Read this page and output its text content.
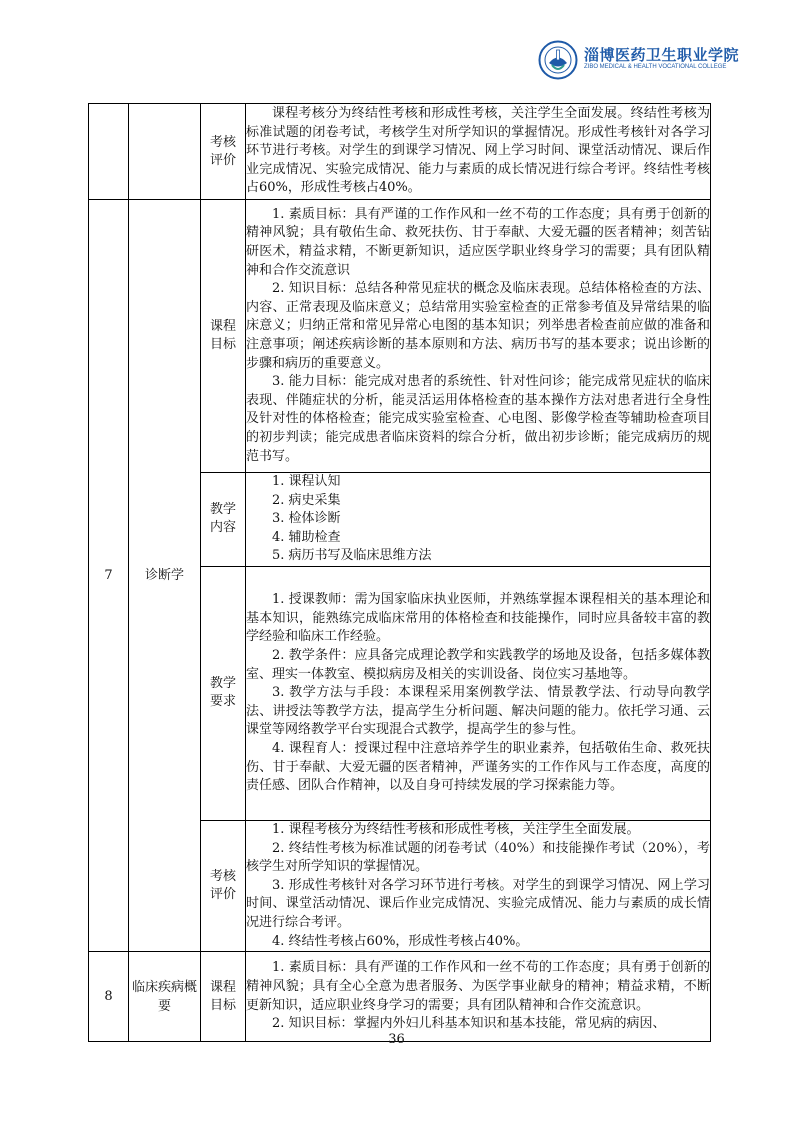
淄博医药卫生职业学院
ZIBO MEDICAL & HEALTH VOCATIONAL COLLEGE

		考核评价	课程考核分为终结性考核和形成性考核，关注学生全面发展。终结性考核为标准试题的闭卷考试，考核学生对所学知识的掌握情况。形成性考核针对各学习环节进行考核。对学生的到课学习情况、网上学习时间、课堂活动情况、课后作业完成情况、实验完成情况、能力与素质的成长情况进行综合考评。终结性考核占60%，形成性考核占40%。

7	诊断学	课程目标	1. 素质目标：具有严谨的工作作风和一丝不苟的工作态度；具有勇于创新的精神风貌；具有敬佑生命、救死扶伤、甘于奉献、大爱无疆的医者精神；刻苦钻研医术，精益求精，不断更新知识，适应医学职业终身学习的需要；具有团队精神和合作交流意识
2. 知识目标：总结各种常见症状的概念及临床表现。总结体格检查的方法、内容、正常表现及临床意义；总结常用实验室检查的正常参考值及异常结果的临床意义；归纳正常和常见异常心电图的基本知识；列举患者检查前应做的准备和注意事项；阐述疾病诊断的基本原则和方法、病历书写的基本要求；说出诊断的步骤和病历的重要意义。
3. 能力目标：能完成对患者的系统性、针对性问诊；能完成常见症状的临床表现、伴随症状的分析，能灵活运用体格检查的基本操作方法对患者进行全身性及针对性的体格检查；能完成实验室检查、心电图、影像学检查等辅助检查项目的初步判读；能完成患者临床资料的综合分析，做出初步诊断；能完成病历的规范书写。

		教学内容	1. 课程认知
2. 病史采集
3. 检体诊断
4. 辅助检查
5. 病历书写及临床思维方法

		教学要求	1. 授课教师：需为国家临床执业医师，并熟练掌握本课程相关的基本理论和基本知识，能熟练完成临床常用的体格检查和技能操作，同时应具备较丰富的教学经验和临床工作经验。
2. 教学条件：应具备完成理论教学和实践教学的场地及设备，包括多媒体教室、理实一体教室、模拟病房及相关的实训设备、岗位实习基地等。
3. 教学方法与手段：本课程采用案例教学法、情景教学法、行动导向教学法、讲授法等教学方法，提高学生分析问题、解决问题的能力。依托学习通、云课堂等网络教学平台实现混合式教学，提高学生的参与性。
4. 课程育人：授课过程中注意培养学生的职业素养，包括敬佑生命、救死扶伤、甘于奉献、大爱无疆的医者精神，严谨务实的工作作风与工作态度，高度的责任感、团队合作精神，以及自身可持续发展的学习探索能力等。

		考核评价	1. 课程考核分为终结性考核和形成性考核，关注学生全面发展。
2. 终结性考核为标准试题的闭卷考试（40%）和技能操作考试（20%），考核学生对所学知识的掌握情况。
3. 形成性考核针对各学习环节进行考核。对学生的到课学习情况、网上学习时间、课堂活动情况、课后作业完成情况、实验完成情况、能力与素质的成长情况进行综合考评。
4. 终结性考核占60%，形成性考核占40%。

8	临床疾病概要	课程目标	1. 素质目标：具有严谨的工作作风和一丝不苟的工作态度；具有勇于创新的精神风貌；具有全心全意为患者服务、为医学事业献身的精神；精益求精，不断更新知识，适应职业终身学习的需要；具有团队精神和合作交流意识。
2. 知识目标：掌握内外妇儿科基本知识和基本技能，常见病的病因、
36
